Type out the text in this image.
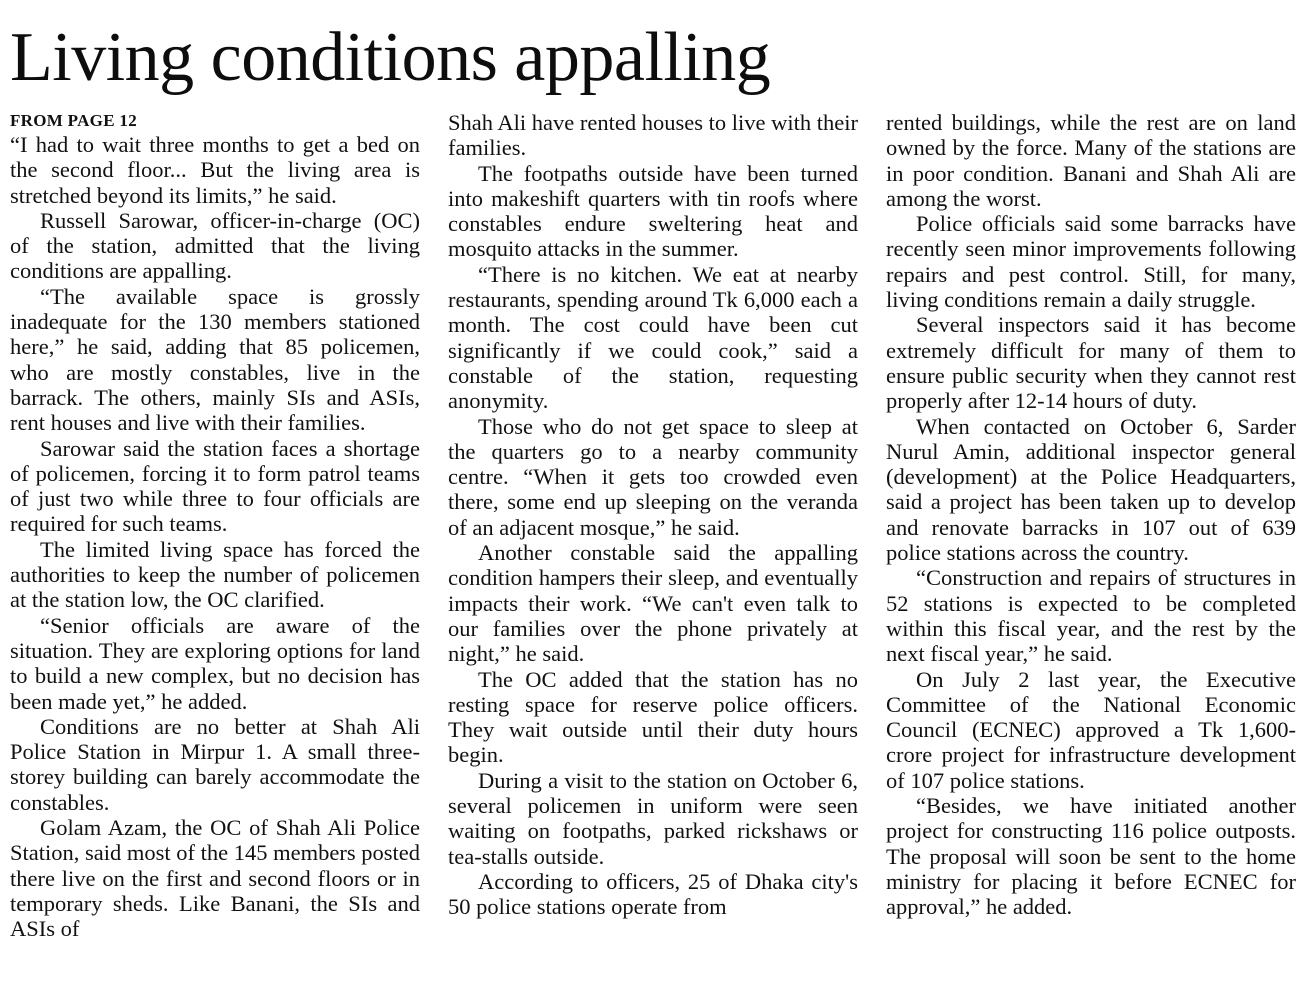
Living conditions appalling
FROM PAGE 12

“I had to wait three months to get a bed on the second floor... But the living area is stretched beyond its limits,” he said.

Russell Sarowar, officer-in-charge (OC) of the station, admitted that the living conditions are appalling.

“The available space is grossly inadequate for the 130 members stationed here,” he said, adding that 85 policemen, who are mostly constables, live in the barrack. The others, mainly SIs and ASIs, rent houses and live with their families.

Sarowar said the station faces a shortage of policemen, forcing it to form patrol teams of just two while three to four officials are required for such teams.

The limited living space has forced the authorities to keep the number of policemen at the station low, the OC clarified.

“Senior officials are aware of the situation. They are exploring options for land to build a new complex, but no decision has been made yet,” he added.

Conditions are no better at Shah Ali Police Station in Mirpur 1. A small three-storey building can barely accommodate the constables.

Golam Azam, the OC of Shah Ali Police Station, said most of the 145 members posted there live on the first and second floors or in temporary sheds. Like Banani, the SIs and ASIs of

Shah Ali have rented houses to live with their families.

The footpaths outside have been turned into makeshift quarters with tin roofs where constables endure sweltering heat and mosquito attacks in the summer.

“There is no kitchen. We eat at nearby restaurants, spending around Tk 6,000 each a month. The cost could have been cut significantly if we could cook,” said a constable of the station, requesting anonymity.

Those who do not get space to sleep at the quarters go to a nearby community centre. “When it gets too crowded even there, some end up sleeping on the veranda of an adjacent mosque,” he said.

Another constable said the appalling condition hampers their sleep, and eventually impacts their work. “We can't even talk to our families over the phone privately at night,” he said.

The OC added that the station has no resting space for reserve police officers. They wait outside until their duty hours begin.

During a visit to the station on October 6, several policemen in uniform were seen waiting on footpaths, parked rickshaws or tea-stalls outside.

According to officers, 25 of Dhaka city's 50 police stations operate from

rented buildings, while the rest are on land owned by the force. Many of the stations are in poor condition. Banani and Shah Ali are among the worst.

Police officials said some barracks have recently seen minor improvements following repairs and pest control. Still, for many, living conditions remain a daily struggle.

Several inspectors said it has become extremely difficult for many of them to ensure public security when they cannot rest properly after 12-14 hours of duty.

When contacted on October 6, Sarder Nurul Amin, additional inspector general (development) at the Police Headquarters, said a project has been taken up to develop and renovate barracks in 107 out of 639 police stations across the country.

“Construction and repairs of structures in 52 stations is expected to be completed within this fiscal year, and the rest by the next fiscal year,” he said.

On July 2 last year, the Executive Committee of the National Economic Council (ECNEC) approved a Tk 1,600-crore project for infrastructure development of 107 police stations.

“Besides, we have initiated another project for constructing 116 police outposts. The proposal will soon be sent to the home ministry for placing it before ECNEC for approval,” he added.
